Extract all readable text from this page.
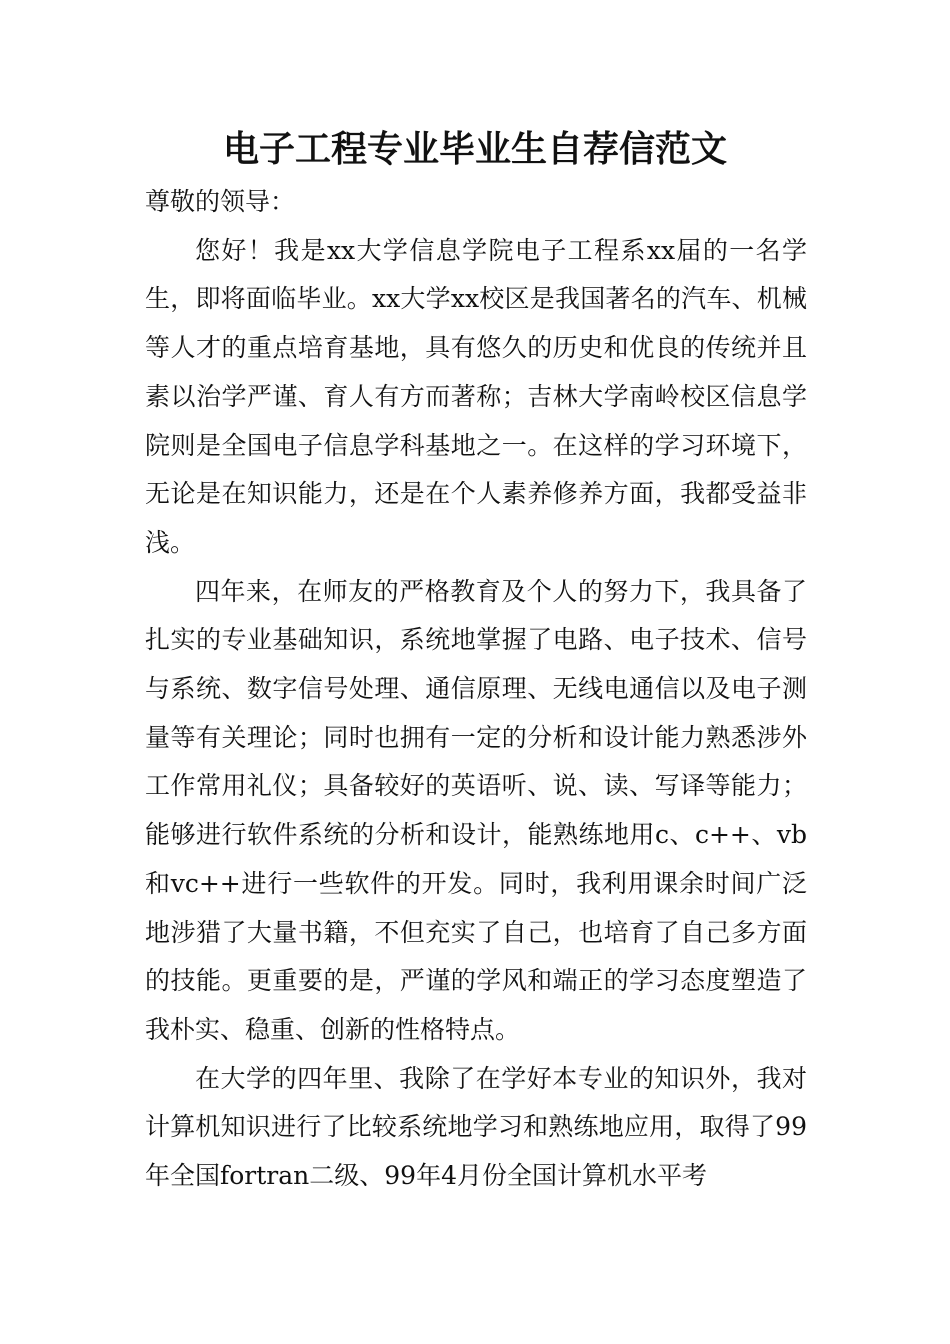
电子工程专业毕业生自荐信范文

尊敬的领导：

您好！我是xx大学信息学院电子工程系xx届的一名学生，即将面临毕业。xx大学xx校区是我国著名的汽车、机械等人才的重点培育基地，具有悠久的历史和优良的传统并且素以治学严谨、育人有方而著称；吉林大学南岭校区信息学院则是全国电子信息学科基地之一。在这样的学习环境下，无论是在知识能力，还是在个人素养修养方面，我都受益非浅。

四年来，在师友的严格教育及个人的努力下，我具备了扎实的专业基础知识，系统地掌握了电路、电子技术、信号与系统、数字信号处理、通信原理、无线电通信以及电子测量等有关理论；同时也拥有一定的分析和设计能力熟悉涉外工作常用礼仪；具备较好的英语听、说、读、写译等能力；能够进行软件系统的分析和设计，能熟练地用c、c++、vb和vc++进行一些软件的开发。同时，我利用课余时间广泛地涉猎了大量书籍，不但充实了自己，也培育了自己多方面的技能。更重要的是，严谨的学风和端正的学习态度塑造了我朴实、稳重、创新的性格特点。

在大学的四年里、我除了在学好本专业的知识外，我对计算机知识进行了比较系统地学习和熟练地应用，取得了99年全国fortran二级、99年4月份全国计算机水平考
